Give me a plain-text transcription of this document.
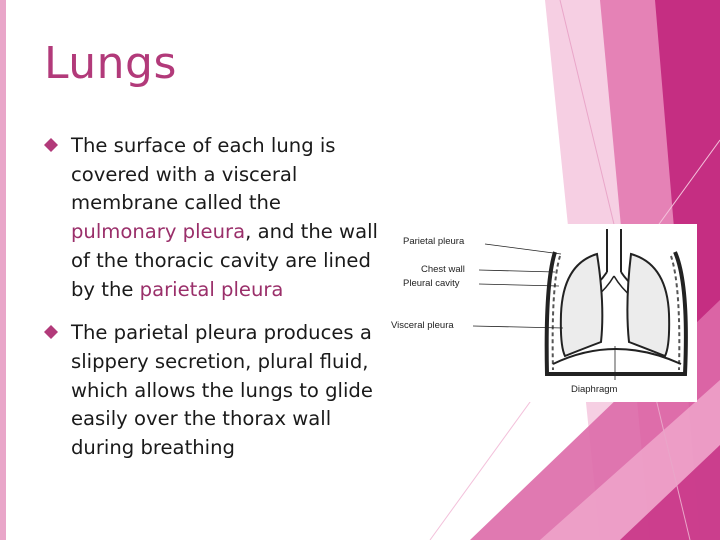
Lungs
The surface of each lung is covered with a visceral membrane called the pulmonary pleura, and the wall of the thoracic cavity are lined by the parietal pleura
The parietal pleura produces a slippery secretion, plural fluid, which allows the lungs to glide easily over the thorax wall during breathing
Parietal pleura
Chest wall
Pleural cavity
Visceral pleura
Diaphragm
